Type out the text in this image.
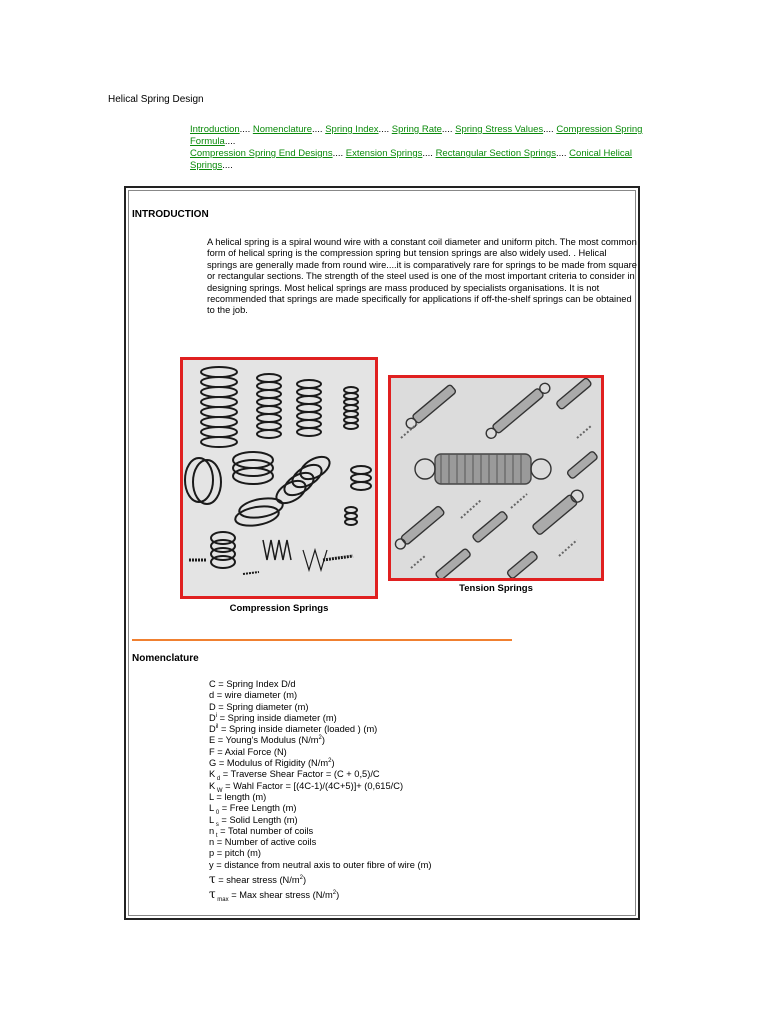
Helical Spring Design
Introduction.... Nomenclature.... Spring Index.... Spring Rate.... Spring Stress Values.... Compression Spring Formula....
Compression Spring End Designs.... Extension Springs.... Rectangular Section Springs.... Conical Helical Springs....
INTRODUCTION
A helical spring is a spiral wound wire with a constant coil diameter and uniform pitch. The most common form of helical spring is the compression spring but tension springs are also widely used. . Helical springs are generally made from round wire....it is comparatively rare for springs to be made from square or rectangular sections. The strength of the steel used is one of the most important criteria to consider in designing springs. Most helical springs are mass produced by specialists organisations. It is not recommended that springs are made specifically for applications if off-the-shelf springs can be obtained to the job.
Compression Springs
Tension Springs
Nomenclature
C = Spring Index D/d
d = wire diameter (m)
D = Spring diameter (m)
$D^i$ = Spring inside diameter (m)
$D^{il}$ = Spring inside diameter (loaded ) (m)
E = Young's Modulus $(N/m^2)$
F = Axial Force (N)
G = Modulus of Rigidity $(N/m^2)$
K $_d$ = Traverse Shear Factor = (C + 0,5)/C
K $_W$ = Wahl Factor = [(4C-1)/(4C+5)]+ (0,615/C)
L = length (m)
L $_0$ = Free Length (m)
L $_s$ = Solid Length (m)
n $_t$ = Total number of coils
n = Number of active coils
p = pitch (m)
y = distance from neutral axis to outer fibre of wire (m)
τ = shear stress $(N/m^2)$
τ $_{max}$ = Max shear stress $(N/m^2)$
